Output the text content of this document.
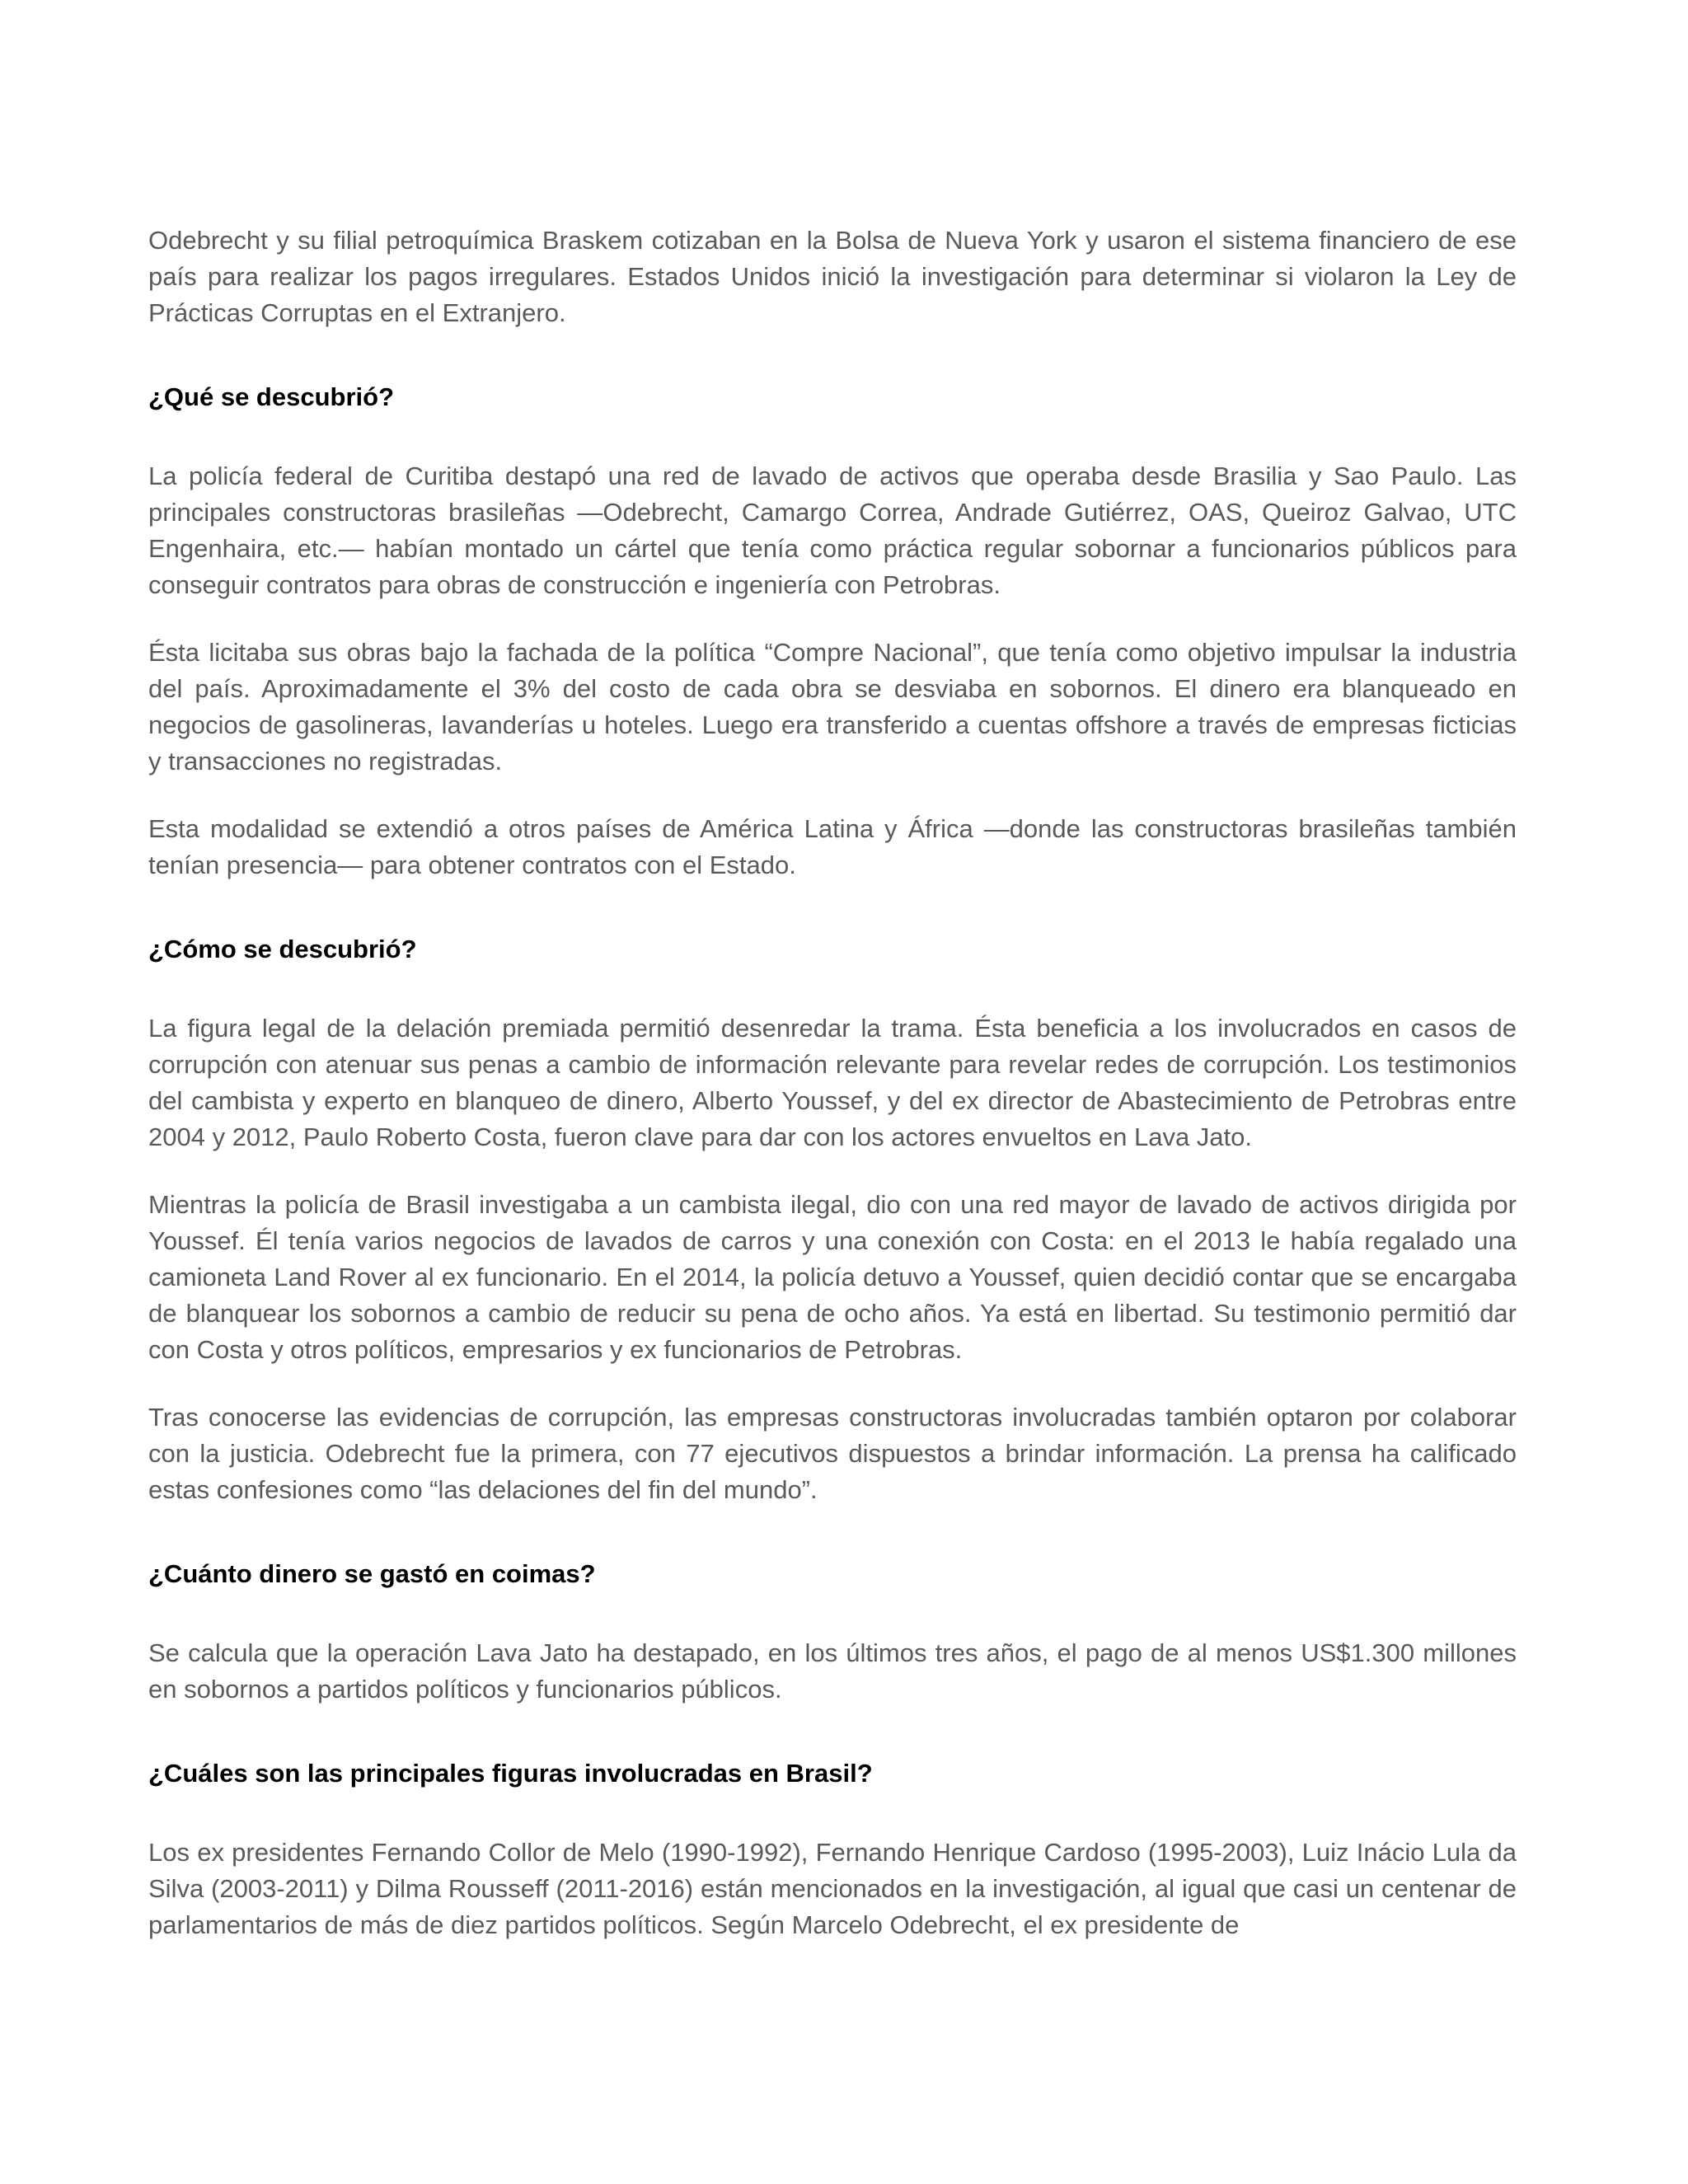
Odebrecht y su filial petroquímica Braskem cotizaban en la Bolsa de Nueva York y usaron el sistema financiero de ese país para realizar los pagos irregulares. Estados Unidos inició la investigación para determinar si violaron la Ley de Prácticas Corruptas en el Extranjero.

¿Qué se descubrió?

La policía federal de Curitiba destapó una red de lavado de activos que operaba desde Brasilia y Sao Paulo. Las principales constructoras brasileñas —Odebrecht, Camargo Correa, Andrade Gutiérrez, OAS, Queiroz Galvao, UTC Engenhaira, etc.— habían montado un cártel que tenía como práctica regular sobornar a funcionarios públicos para conseguir contratos para obras de construcción e ingeniería con Petrobras.

Ésta licitaba sus obras bajo la fachada de la política “Compre Nacional”, que tenía como objetivo impulsar la industria del país. Aproximadamente el 3% del costo de cada obra se desviaba en sobornos. El dinero era blanqueado en negocios de gasolineras, lavanderías u hoteles. Luego era transferido a cuentas offshore a través de empresas ficticias y transacciones no registradas.

Esta modalidad se extendió a otros países de América Latina y África —donde las constructoras brasileñas también tenían presencia— para obtener contratos con el Estado.

¿Cómo se descubrió?

La figura legal de la delación premiada permitió desenredar la trama. Ésta beneficia a los involucrados en casos de corrupción con atenuar sus penas a cambio de información relevante para revelar redes de corrupción. Los testimonios del cambista y experto en blanqueo de dinero, Alberto Youssef, y del ex director de Abastecimiento de Petrobras entre 2004 y 2012, Paulo Roberto Costa, fueron clave para dar con los actores envueltos en Lava Jato.

Mientras la policía de Brasil investigaba a un cambista ilegal, dio con una red mayor de lavado de activos dirigida por Youssef. Él tenía varios negocios de lavados de carros y una conexión con Costa: en el 2013 le había regalado una camioneta Land Rover al ex funcionario. En el 2014, la policía detuvo a Youssef, quien decidió contar que se encargaba de blanquear los sobornos a cambio de reducir su pena de ocho años. Ya está en libertad. Su testimonio permitió dar con Costa y otros políticos, empresarios y ex funcionarios de Petrobras.

Tras conocerse las evidencias de corrupción, las empresas constructoras involucradas también optaron por colaborar con la justicia. Odebrecht fue la primera, con 77 ejecutivos dispuestos a brindar información. La prensa ha calificado estas confesiones como “las delaciones del fin del mundo”.

¿Cuánto dinero se gastó en coimas?

Se calcula que la operación Lava Jato ha destapado, en los últimos tres años, el pago de al menos US$1.300 millones en sobornos a partidos políticos y funcionarios públicos.

¿Cuáles son las principales figuras involucradas en Brasil?

Los ex presidentes Fernando Collor de Melo (1990-1992), Fernando Henrique Cardoso (1995-2003), Luiz Inácio Lula da Silva (2003-2011) y Dilma Rousseff (2011-2016) están mencionados en la investigación, al igual que casi un centenar de parlamentarios de más de diez partidos políticos. Según Marcelo Odebrecht, el ex presidente de
